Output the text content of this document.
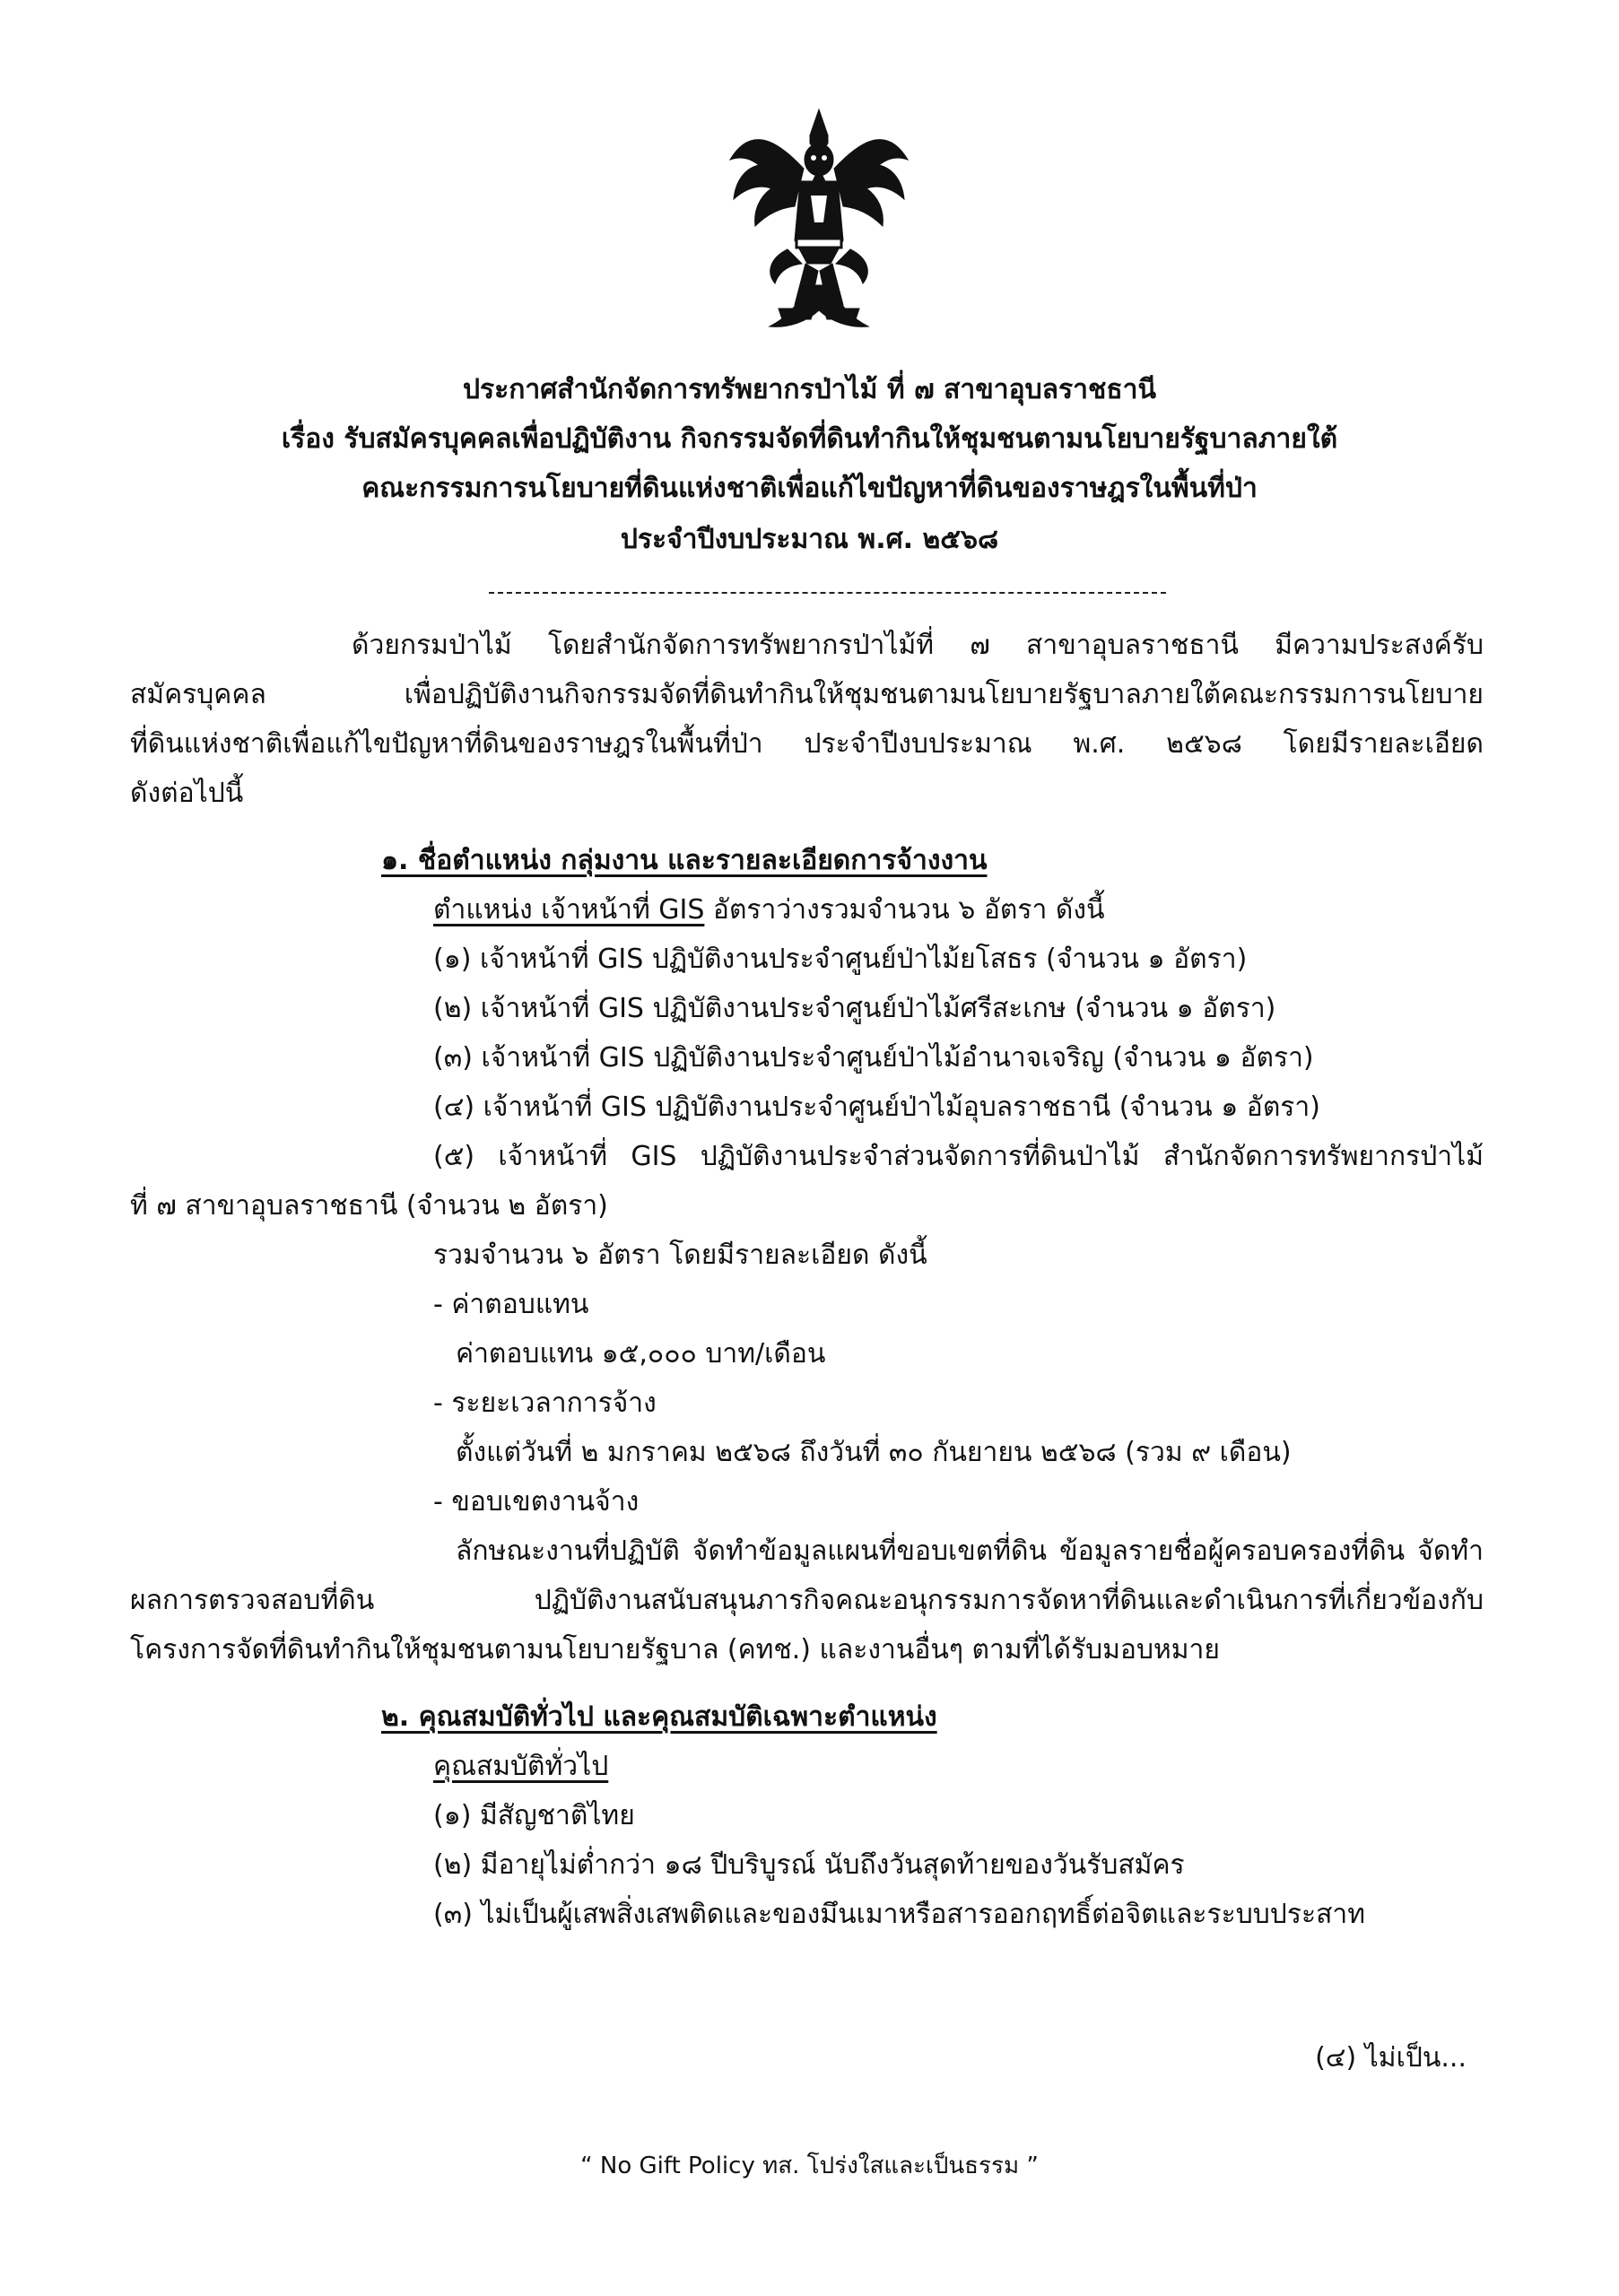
ประกาศสำนักจัดการทรัพยากรป่าไม้ ที่ ๗ สาขาอุบลราชธานี
เรื่อง รับสมัครบุคคลเพื่อปฏิบัติงาน กิจกรรมจัดที่ดินทำกินให้ชุมชนตามนโยบายรัฐบาลภายใต้
คณะกรรมการนโยบายที่ดินแห่งชาติเพื่อแก้ไขปัญหาที่ดินของราษฎรในพื้นที่ป่า
ประจำปีงบประมาณ พ.ศ. ๒๕๖๘
ด้วยกรมป่าไม้ โดยสำนักจัดการทรัพยากรป่าไม้ที่ ๗ สาขาอุบลราชธานี มีความประสงค์รับ
สมัครบุคคล เพื่อปฏิบัติงานกิจกรรมจัดที่ดินทำกินให้ชุมชนตามนโยบายรัฐบาลภายใต้คณะกรรมการนโยบาย
ที่ดินแห่งชาติเพื่อแก้ไขปัญหาที่ดินของราษฎรในพื้นที่ป่า ประจำปีงบประมาณ พ.ศ. ๒๕๖๘ โดยมีรายละเอียด
ดังต่อไปนี้
๑. ชื่อตำแหน่ง กลุ่มงาน และรายละเอียดการจ้างงาน
ตำแหน่ง เจ้าหน้าที่ GIS อัตราว่างรวมจำนวน ๖ อัตรา ดังนี้
(๑) เจ้าหน้าที่ GIS ปฏิบัติงานประจำศูนย์ป่าไม้ยโสธร (จำนวน ๑ อัตรา)
(๒) เจ้าหน้าที่ GIS ปฏิบัติงานประจำศูนย์ป่าไม้ศรีสะเกษ (จำนวน ๑ อัตรา)
(๓) เจ้าหน้าที่ GIS ปฏิบัติงานประจำศูนย์ป่าไม้อำนาจเจริญ (จำนวน ๑ อัตรา)
(๔) เจ้าหน้าที่ GIS ปฏิบัติงานประจำศูนย์ป่าไม้อุบลราชธานี (จำนวน ๑ อัตรา)
(๕) เจ้าหน้าที่ GIS ปฏิบัติงานประจำส่วนจัดการที่ดินป่าไม้ สำนักจัดการทรัพยากรป่าไม้
ที่ ๗ สาขาอุบลราชธานี (จำนวน ๒ อัตรา)
รวมจำนวน ๖ อัตรา โดยมีรายละเอียด ดังนี้
- ค่าตอบแทน
ค่าตอบแทน ๑๕,๐๐๐ บาท/เดือน
- ระยะเวลาการจ้าง
ตั้งแต่วันที่ ๒ มกราคม ๒๕๖๘ ถึงวันที่ ๓๐ กันยายน ๒๕๖๘ (รวม ๙ เดือน)
- ขอบเขตงานจ้าง
ลักษณะงานที่ปฏิบัติ จัดทำข้อมูลแผนที่ขอบเขตที่ดิน ข้อมูลรายชื่อผู้ครอบครองที่ดิน จัดทำ
ผลการตรวจสอบที่ดิน ปฏิบัติงานสนับสนุนภารกิจคณะอนุกรรมการจัดหาที่ดินและดำเนินการที่เกี่ยวข้องกับ
โครงการจัดที่ดินทำกินให้ชุมชนตามนโยบายรัฐบาล (คทช.) และงานอื่นๆ ตามที่ได้รับมอบหมาย
๒. คุณสมบัติทั่วไป และคุณสมบัติเฉพาะตำแหน่ง
คุณสมบัติทั่วไป
(๑) มีสัญชาติไทย
(๒) มีอายุไม่ต่ำกว่า ๑๘ ปีบริบูรณ์ นับถึงวันสุดท้ายของวันรับสมัคร
(๓) ไม่เป็นผู้เสพสิ่งเสพติดและของมึนเมาหรือสารออกฤทธิ์ต่อจิตและระบบประสาท
(๔) ไม่เป็น...
“ No Gift Policy ทส. โปร่งใสและเป็นธรรม ”
